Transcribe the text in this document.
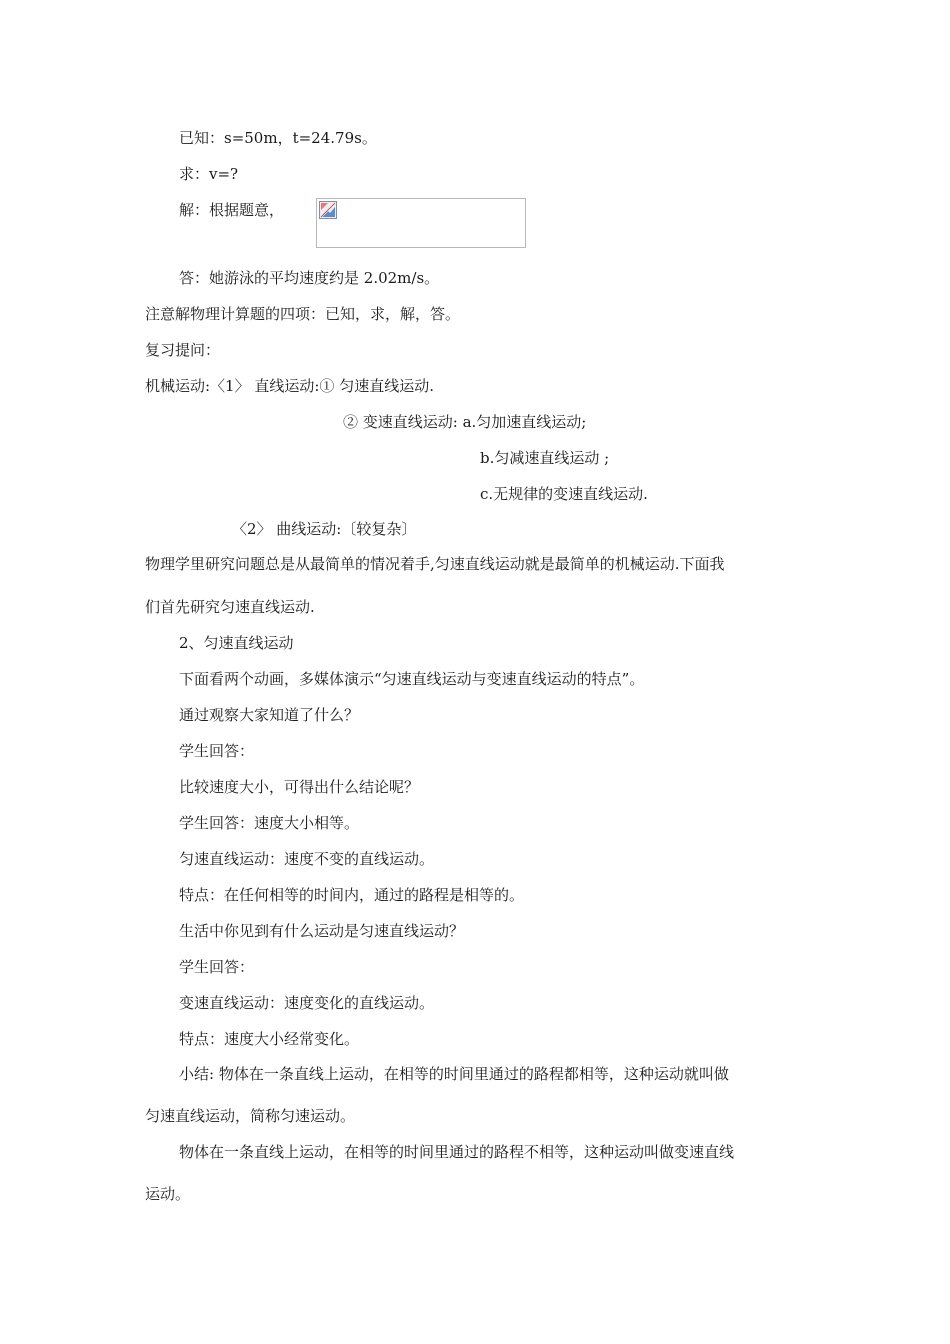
已知：s=50m，t=24.79s。
求：v=?
解：根据题意，
答：她游泳的平均速度约是 2.02m/s。
注意解物理计算题的四项：已知，求，解，答。
复习提问：
机械运动:〈1〉 直线运动:① 匀速直线运动.
② 变速直线运动: a.匀加速直线运动;
b.匀减速直线运动 ;
c.无规律的变速直线运动.
〈2〉 曲线运动:〔较复杂〕
物理学里研究问题总是从最简单的情况着手,匀速直线运动就是最简单的机械运动.下面我
们首先研究匀速直线运动.
2、匀速直线运动
下面看两个动画，多媒体演示“匀速直线运动与变速直线运动的特点”。
通过观察大家知道了什么？
学生回答：
比较速度大小，可得出什么结论呢？
学生回答：速度大小相等。
匀速直线运动：速度不变的直线运动。
特点：在任何相等的时间内，通过的路程是相等的。
生活中你见到有什么运动是匀速直线运动？
学生回答：
变速直线运动：速度变化的直线运动。
特点：速度大小经常变化。
小结: 物体在一条直线上运动，在相等的时间里通过的路程都相等，这种运动就叫做
匀速直线运动，简称匀速运动。
物体在一条直线上运动，在相等的时间里通过的路程不相等，这种运动叫做变速直线
运动。
